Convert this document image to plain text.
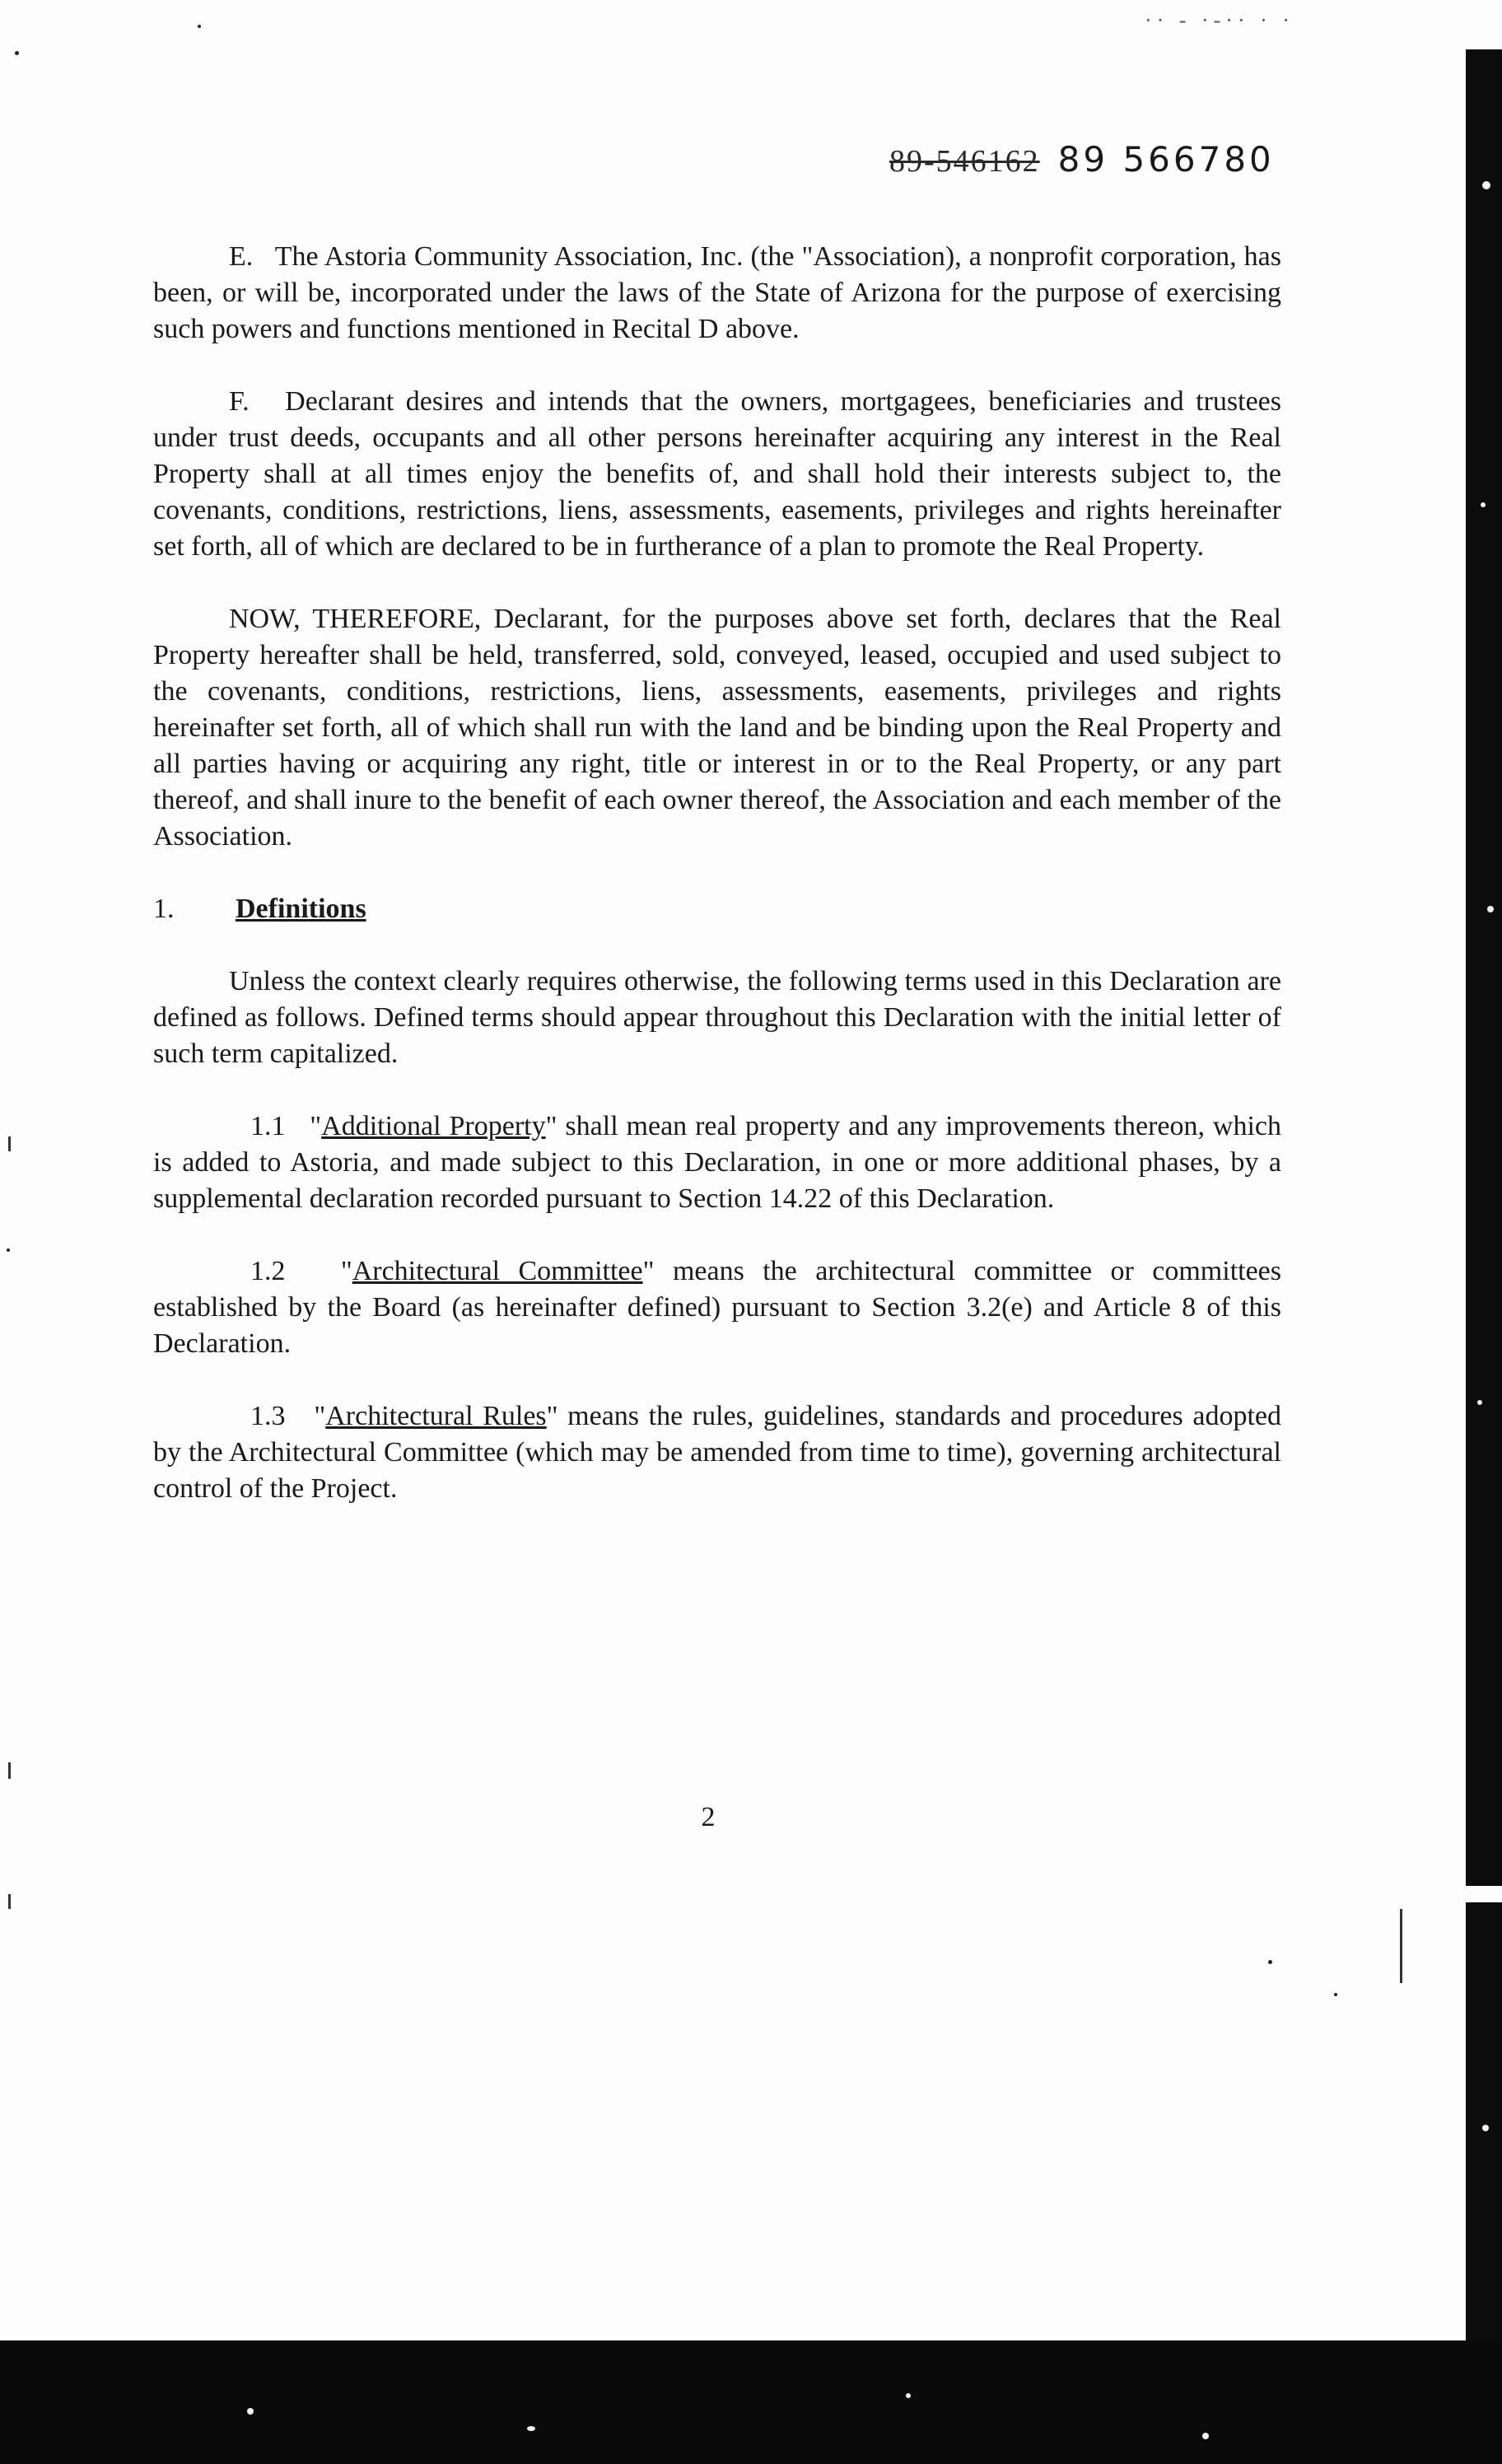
·· - ·-·· · ·
89-546162 89 566780

E. The Astoria Community Association, Inc. (the "Association), a nonprofit corporation, has been, or will be, incorporated under the laws of the State of Arizona for the purpose of exercising such powers and functions mentioned in Recital D above.

F. Declarant desires and intends that the owners, mortgagees, beneficiaries and trustees under trust deeds, occupants and all other persons hereinafter acquiring any interest in the Real Property shall at all times enjoy the benefits of, and shall hold their interests subject to, the covenants, conditions, restrictions, liens, assessments, easements, privileges and rights hereinafter set forth, all of which are declared to be in furtherance of a plan to promote the Real Property.

NOW, THEREFORE, Declarant, for the purposes above set forth, declares that the Real Property hereafter shall be held, transferred, sold, conveyed, leased, occupied and used subject to the covenants, conditions, restrictions, liens, assessments, easements, privileges and rights hereinafter set forth, all of which shall run with the land and be binding upon the Real Property and all parties having or acquiring any right, title or interest in or to the Real Property, or any part thereof, and shall inure to the benefit of each owner thereof, the Association and each member of the Association.

1. Definitions

Unless the context clearly requires otherwise, the following terms used in this Declaration are defined as follows. Defined terms should appear throughout this Declaration with the initial letter of such term capitalized.

1.1   "Additional Property" shall mean real property and any improvements thereon, which is added to Astoria, and made subject to this Declaration, in one or more additional phases, by a supplemental declaration recorded pursuant to Section 14.22 of this Declaration.

1.2   "Architectural Committee" means the architectural committee or committees established by the Board (as hereinafter defined) pursuant to Section 3.2(e) and Article 8 of this Declaration.

1.3   "Architectural Rules" means the rules, guidelines, standards and procedures adopted by the Architectural Committee (which may be amended from time to time), governing architectural control of the Project.

2
